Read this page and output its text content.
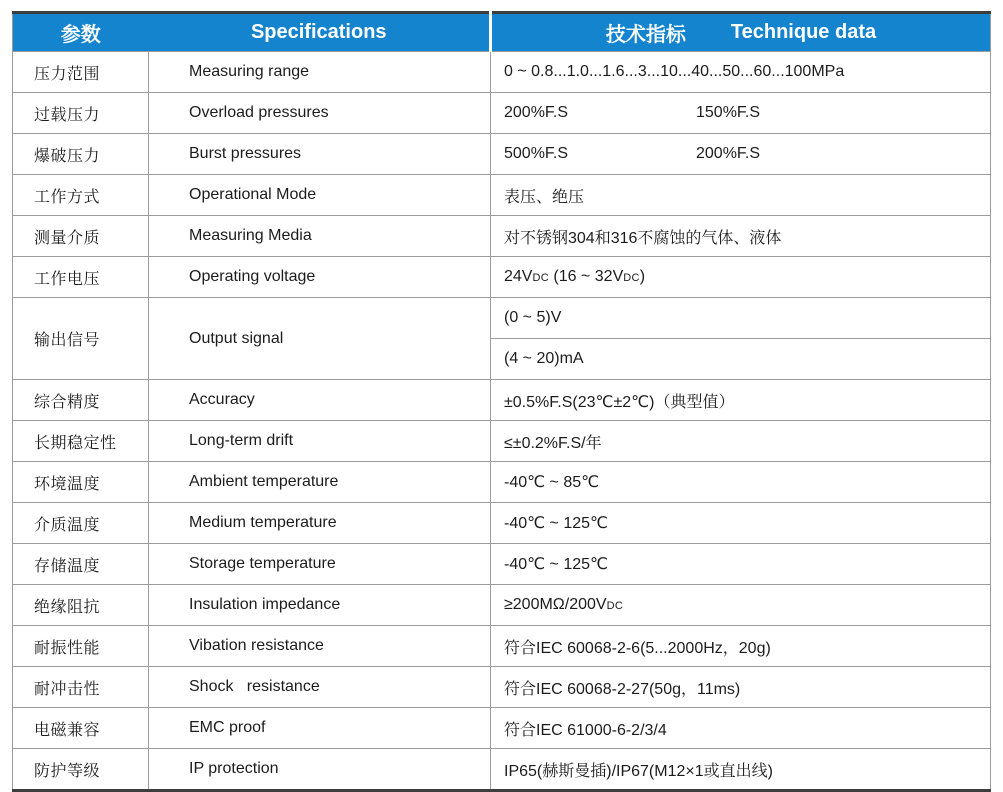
参数	Specifications	技术指标 Technique data

压力范围	Measuring range	0 ~ 0.8...1.0...1.6...3...10...40...50...60...100MPa
过载压力	Overload pressures	200%F.S 150%F.S
爆破压力	Burst pressures	500%F.S 200%F.S
工作方式	Operational Mode	表压、绝压
测量介质	Measuring Media	对不锈钢304和316不腐蚀的气体、液体
工作电压	Operating voltage	24VDC (16 ~ 32VDC)
输出信号	Output signal	(0 ~ 5)V
		(4 ~ 20)mA
综合精度	Accuracy	±0.5%F.S(23℃±2℃)（典型值）
长期稳定性	Long-term drift	≤±0.2%F.S/年
环境温度	Ambient temperature	-40℃ ~ 85℃
介质温度	Medium temperature	-40℃ ~ 125℃
存储温度	Storage temperature	-40℃ ~ 125℃
绝缘阻抗	Insulation impedance	≥200MΩ/200VDC
耐振性能	Vibation resistance	符合IEC 60068-2-6(5...2000Hz，20g)
耐冲击性	Shock   resistance	符合IEC 60068-2-27(50g，11ms)
电磁兼容	EMC proof	符合IEC 61000-6-2/3/4
防护等级	IP protection	IP65(赫斯曼插)/IP67(M12×1或直出线)
